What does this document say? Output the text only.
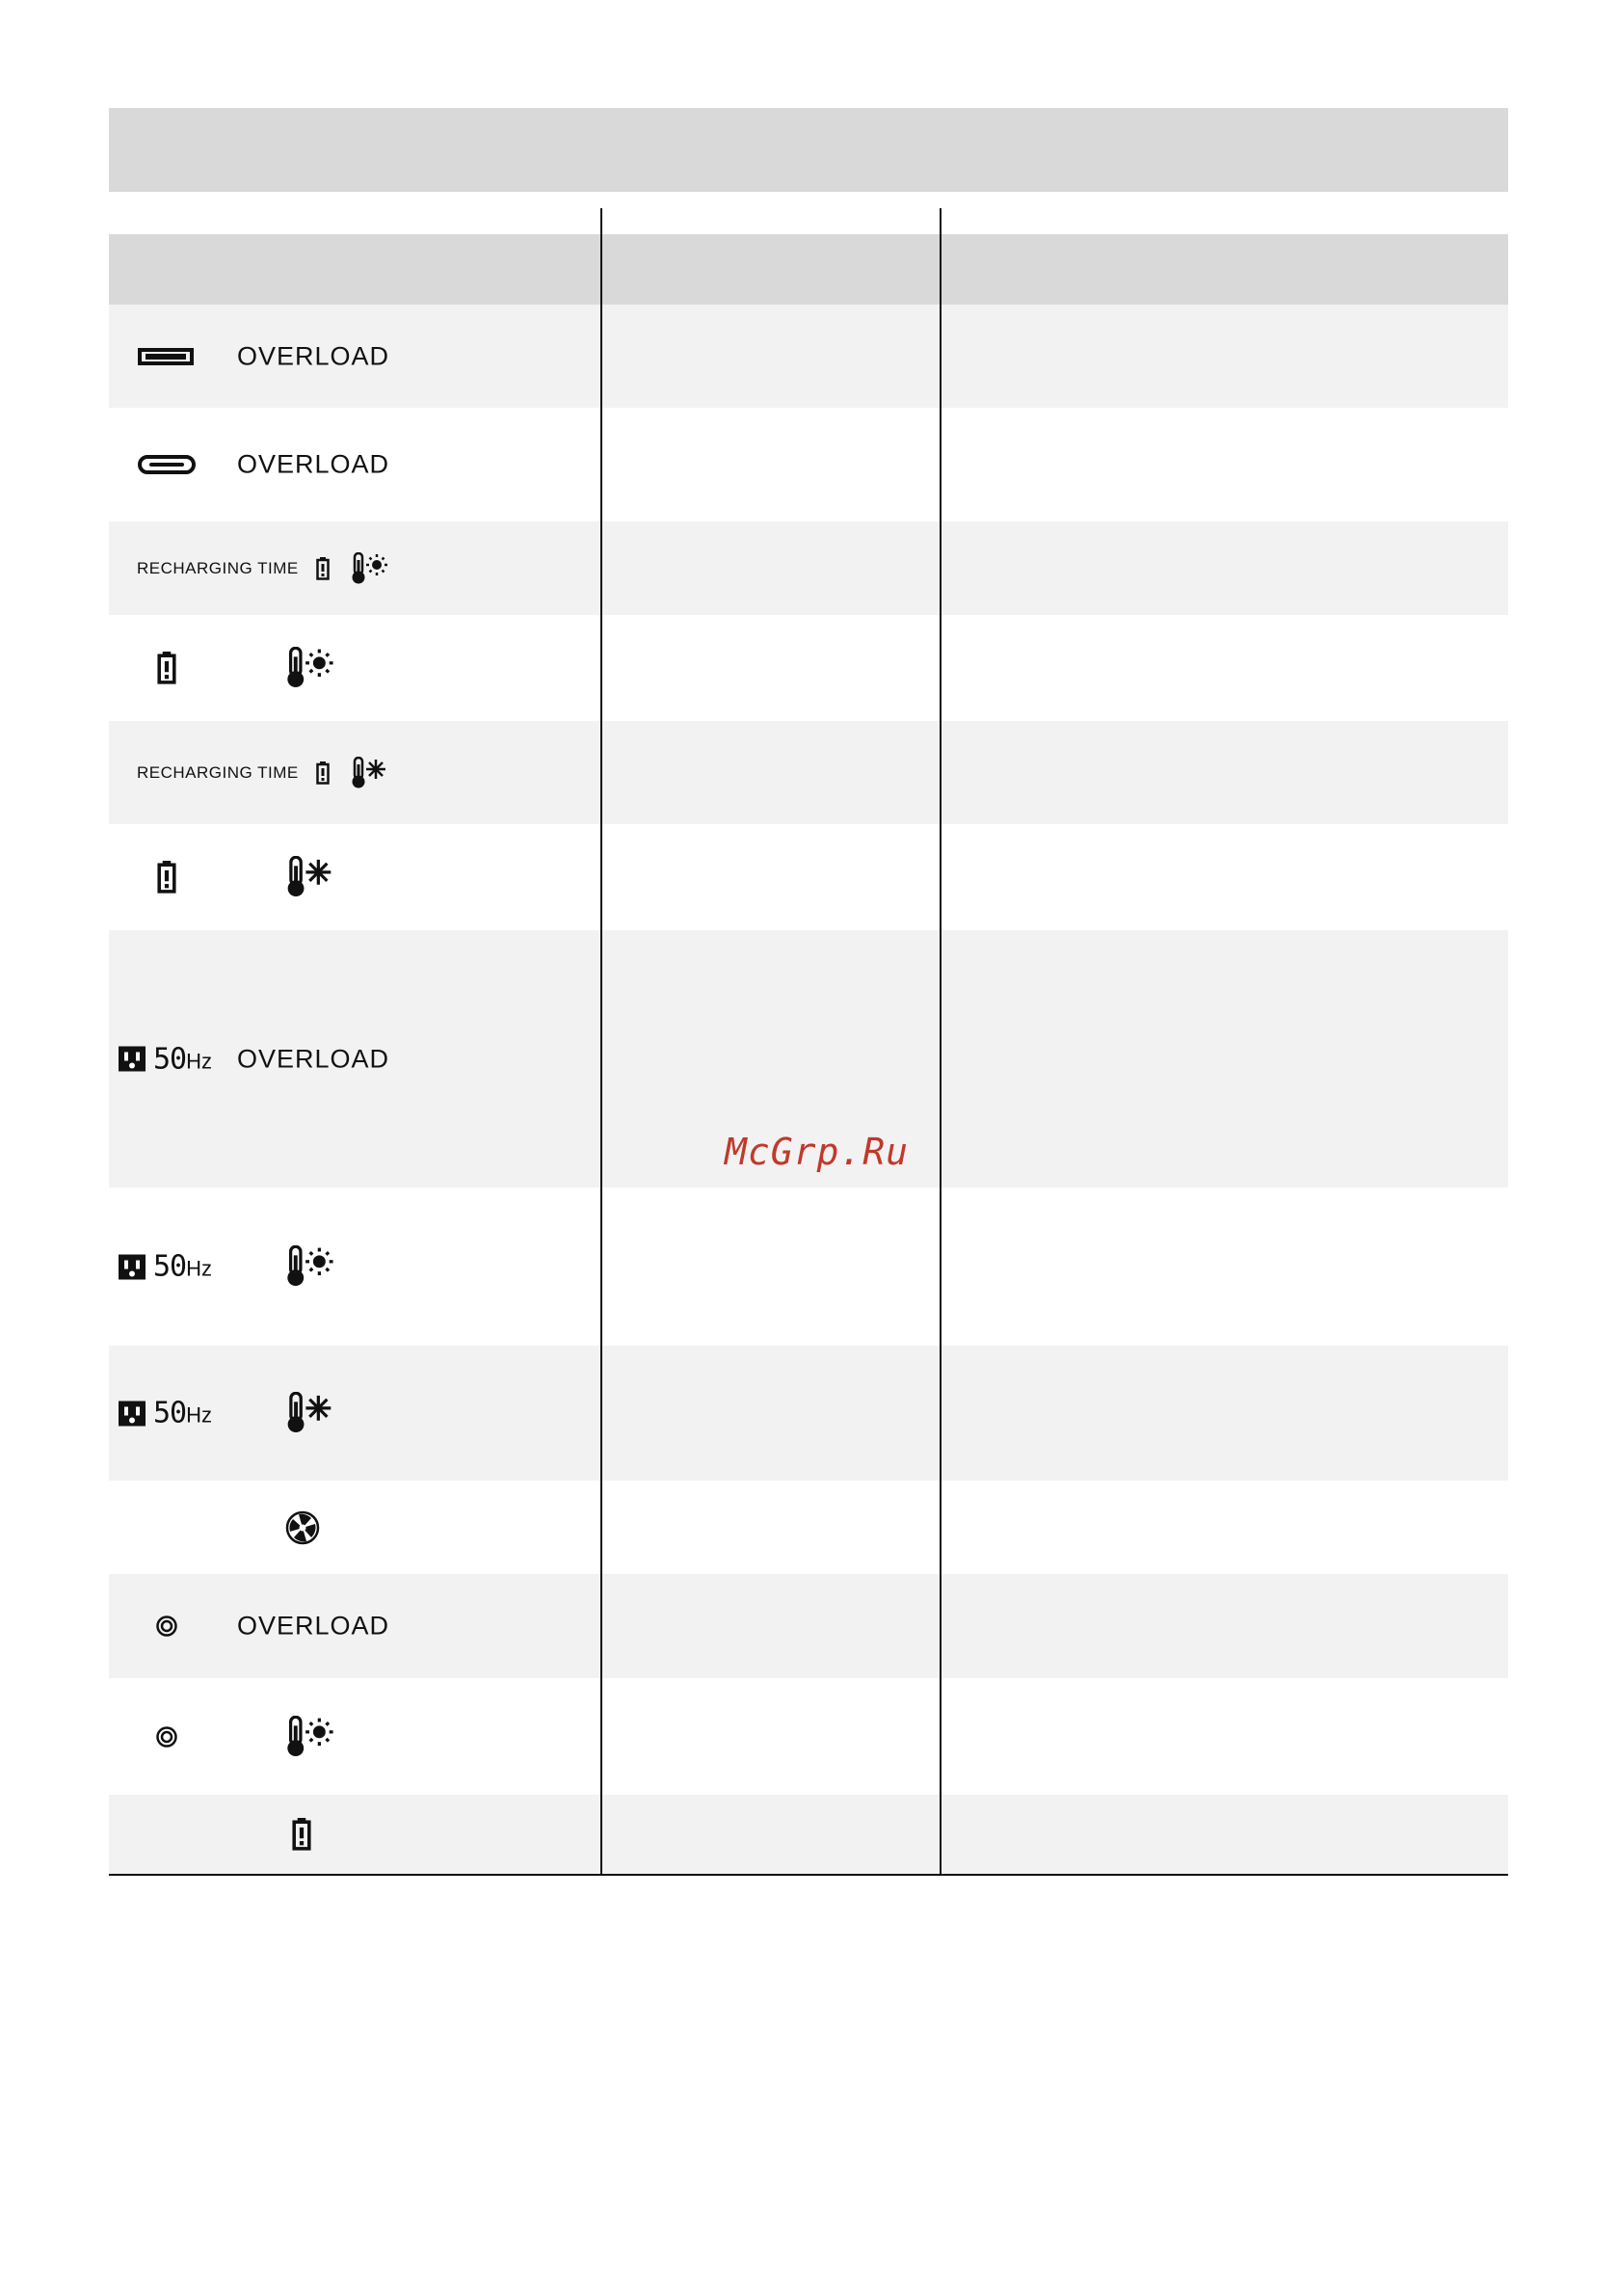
OVERLOAD
OVERLOAD
RECHARGING TIME
RECHARGING TIME
50 Hz OVERLOAD
50 Hz
50 Hz
OVERLOAD
McGrp.Ru
